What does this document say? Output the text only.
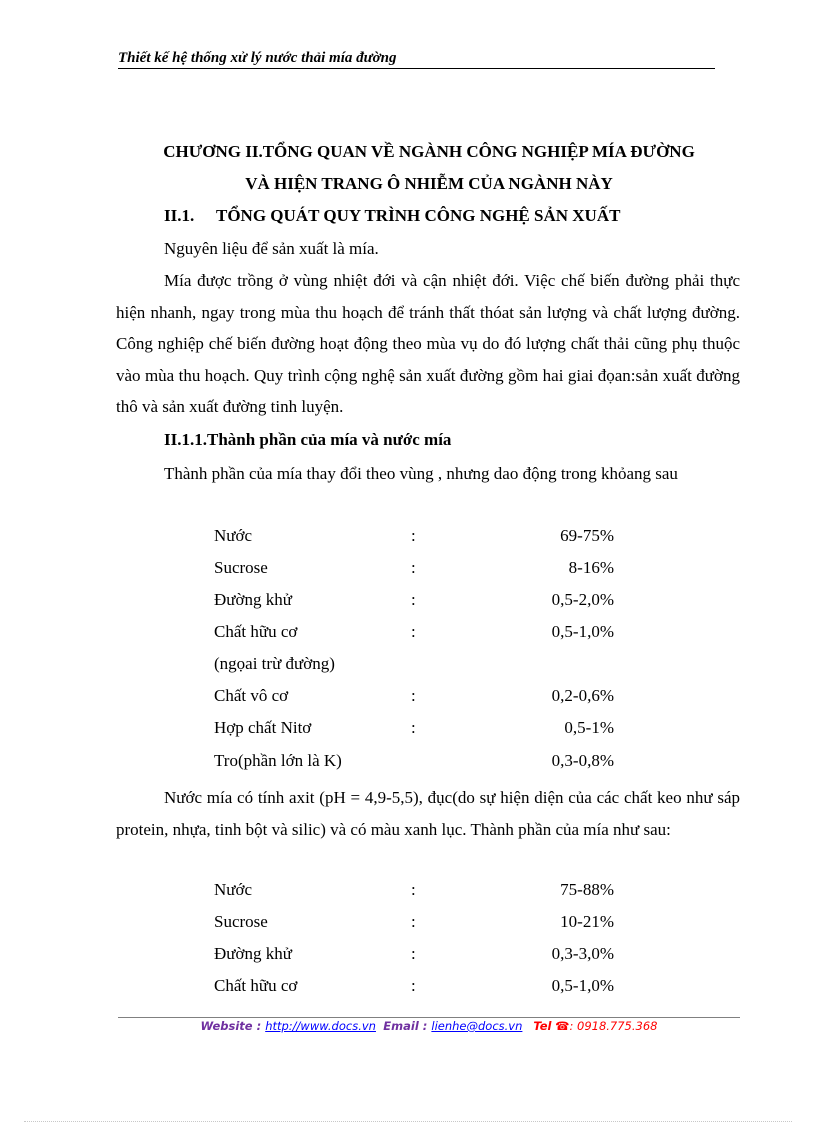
Thiết kế hệ thống xử lý nước thải mía đường
CHƯƠNG II.TỔNG QUAN VỀ NGÀNH CÔNG NGHIỆP MÍA ĐƯỜNG
VÀ HIỆN TRANG Ô NHIỄM CỦA NGÀNH NÀY
II.1. TỔNG QUÁT QUY TRÌNH CÔNG NGHỆ SẢN XUẤT
Nguyên liệu để sản xuất là mía.
Mía được trồng ở vùng nhiệt đới và cận nhiệt đới. Việc chế biến đường phải thực hiện nhanh, ngay trong mùa thu hoạch để tránh thất thóat sản lượng và chất lượng đường. Công nghiệp chế biến đường hoạt động theo mùa vụ do đó lượng chất thải cũng phụ thuộc vào mùa thu hoạch. Quy trình cộng nghệ sản xuất đường gồm hai giai đọan:sản xuất đường thô và sản xuất đường tinh luyện.
II.1.1.Thành phần của mía và nước mía
Thành phần của mía thay đổi theo vùng , nhưng dao động trong khỏang sau
Nước	:	69-75%
Sucrose	:	8-16%
Đường khử	:	0,5-2,0%
Chất hữu cơ	:	0,5-1,0%
(ngọai trừ đường)
Chất vô cơ	:	0,2-0,6%
Hợp chất Nitơ	:	0,5-1%
Tro(phần lớn là K)	0,3-0,8%
Nước mía có tính axit (pH = 4,9-5,5), đục(do sự hiện diện của các chất keo như sáp protein, nhựa, tinh bột và silic) và có màu xanh lục. Thành phần của mía như sau:
Nước	:	75-88%
Sucrose	:	10-21%
Đường khử	:	0,3-3,0%
Chất hữu cơ	:	0,5-1,0%
Website : http://www.docs.vn Email : lienhe@docs.vn Tel ☎: 0918.775.368
